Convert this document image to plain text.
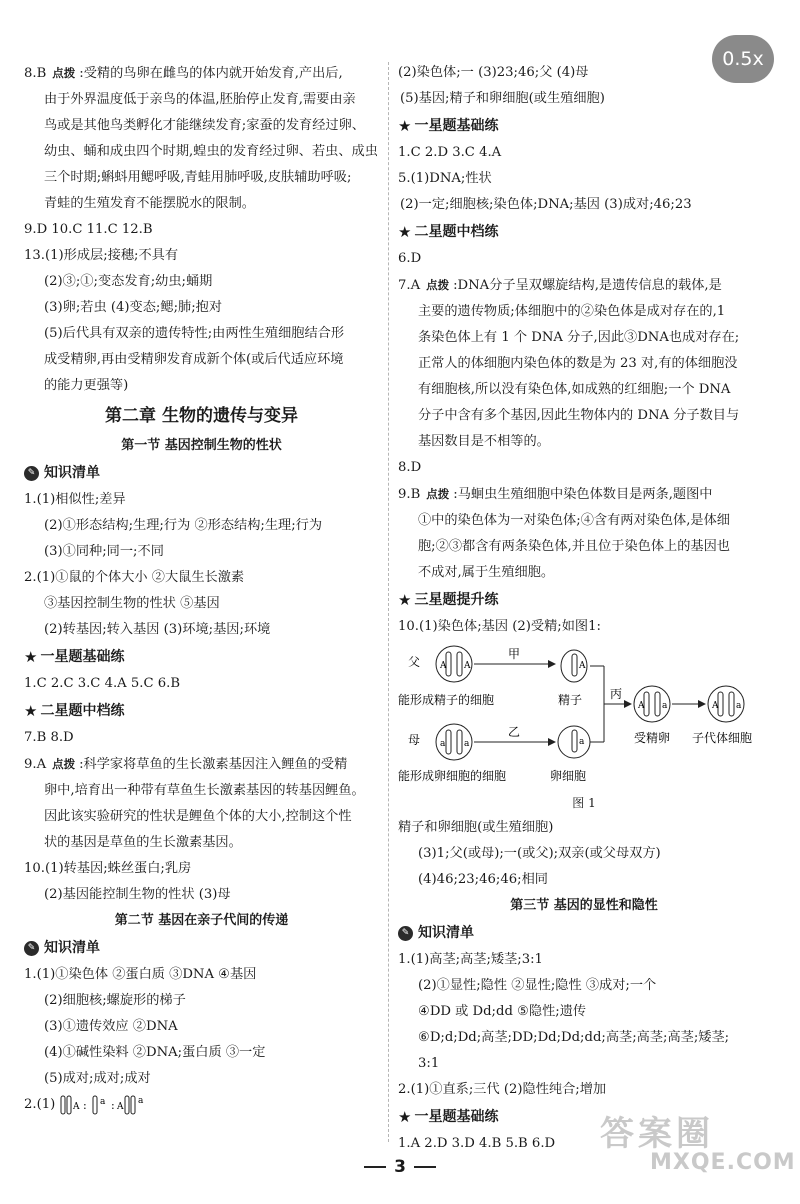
0.5x
8.B 点拨 :受精的鸟卵在雌鸟的体内就开始发育,产出后,
由于外界温度低于亲鸟的体温,胚胎停止发育,需要由亲
鸟或是其他鸟类孵化才能继续发育;家蚕的发育经过卵、
幼虫、蛹和成虫四个时期,蝗虫的发育经过卵、若虫、成虫
三个时期;蝌蚪用鳃呼吸,青蛙用肺呼吸,皮肤辅助呼吸;
青蛙的生殖发育不能摆脱水的限制。
9.D 10.C 11.C 12.B
13.(1)形成层;接穗;不具有
(2)③;①;变态发育;幼虫;蛹期
(3)卵;若虫 (4)变态;鳃;肺;抱对
(5)后代具有双亲的遗传特性;由两性生殖细胞结合形
成受精卵,再由受精卵发育成新个体(或后代适应环境
的能力更强等)
第二章 生物的遗传与变异
第一节 基因控制生物的性状
✎ 知识清单
1.(1)相似性;差异
(2)①形态结构;生理;行为 ②形态结构;生理;行为
(3)①同种;同一;不同
2.(1)①鼠的个体大小 ②大鼠生长激素
③基因控制生物的性状 ⑤基因
(2)转基因;转入基因 (3)环境;基因;环境
★ 一星题基础练
1.C 2.C 3.C 4.A 5.C 6.B
★ 二星题中档练
7.B 8.D
9.A 点拨 :科学家将草鱼的生长激素基因注入鲤鱼的受精
卵中,培育出一种带有草鱼生长激素基因的转基因鲤鱼。
因此该实验研究的性状是鲤鱼个体的大小,控制这个性
状的基因是草鱼的生长激素基因。
10.(1)转基因;蛛丝蛋白;乳房
(2)基因能控制生物的性状 (3)母
第二节 基因在亲子代间的传递
✎ 知识清单
1.(1)①染色体 ②蛋白质 ③DNA ④基因
(2)细胞核;螺旋形的梯子
(3)①遗传效应 ②DNA
(4)①碱性染料 ②DNA;蛋白质 ③一定
(5)成对;成对;成对
2.(1) A : a : A
a
(2)染色体;一 (3)23;46;父 (4)母
(5)基因;精子和卵细胞(或生殖细胞)
★ 一星题基础练
1.C 2.D 3.C 4.A
5.(1)DNA;性状
(2)一定;细胞核;染色体;DNA;基因 (3)成对;46;23
★ 二星题中档练
6.D
7.A 点拨 :DNA分子呈双螺旋结构,是遗传信息的载体,是
主要的遗传物质;体细胞中的②染色体是成对存在的,1
条染色体上有 1 个 DNA 分子,因此③DNA也成对存在;
正常人的体细胞内染色体的数是为 23 对,有的体细胞没
有细胞核,所以没有染色体,如成熟的红细胞;一个 DNA
分子中含有多个基因,因此生物体内的 DNA 分子数目与
基因数目是不相等的。
8.D
9.B 点拨 :马蛔虫生殖细胞中染色体数目是两条,题图中
①中的染色体为一对染色体;④含有两对染色体,是体细
胞;②③都含有两条染色体,并且位于染色体上的基因也
不成对,属于生殖细胞。
★ 三星题提升练
10.(1)染色体;基因 (2)受精;如图1:
父 A A
甲
A
能形成精子的细胞	精子
母 a a
乙
a
能形成卵细胞的细胞	卵细胞
丙
A a
受精卵
A a
子代体细胞
图 1
精子和卵细胞(或生殖细胞)
(3)1;父(或母);一(或父);双亲(或父母双方)
(4)46;23;46;46;相同
第三节 基因的显性和隐性
✎ 知识清单
1.(1)高茎;高茎;矮茎;3:1
(2)①显性;隐性 ②显性;隐性 ③成对;一个
④DD 或 Dd;dd ⑤隐性;遗传
⑥D;d;Dd;高茎;DD;Dd;Dd;dd;高茎;高茎;高茎;矮茎;
3:1
2.(1)①直系;三代 (2)隐性纯合;增加
★ 一星题基础练
1.A 2.D 3.D 4.B 5.B 6.D	答案圈
MXQE.COM
3
